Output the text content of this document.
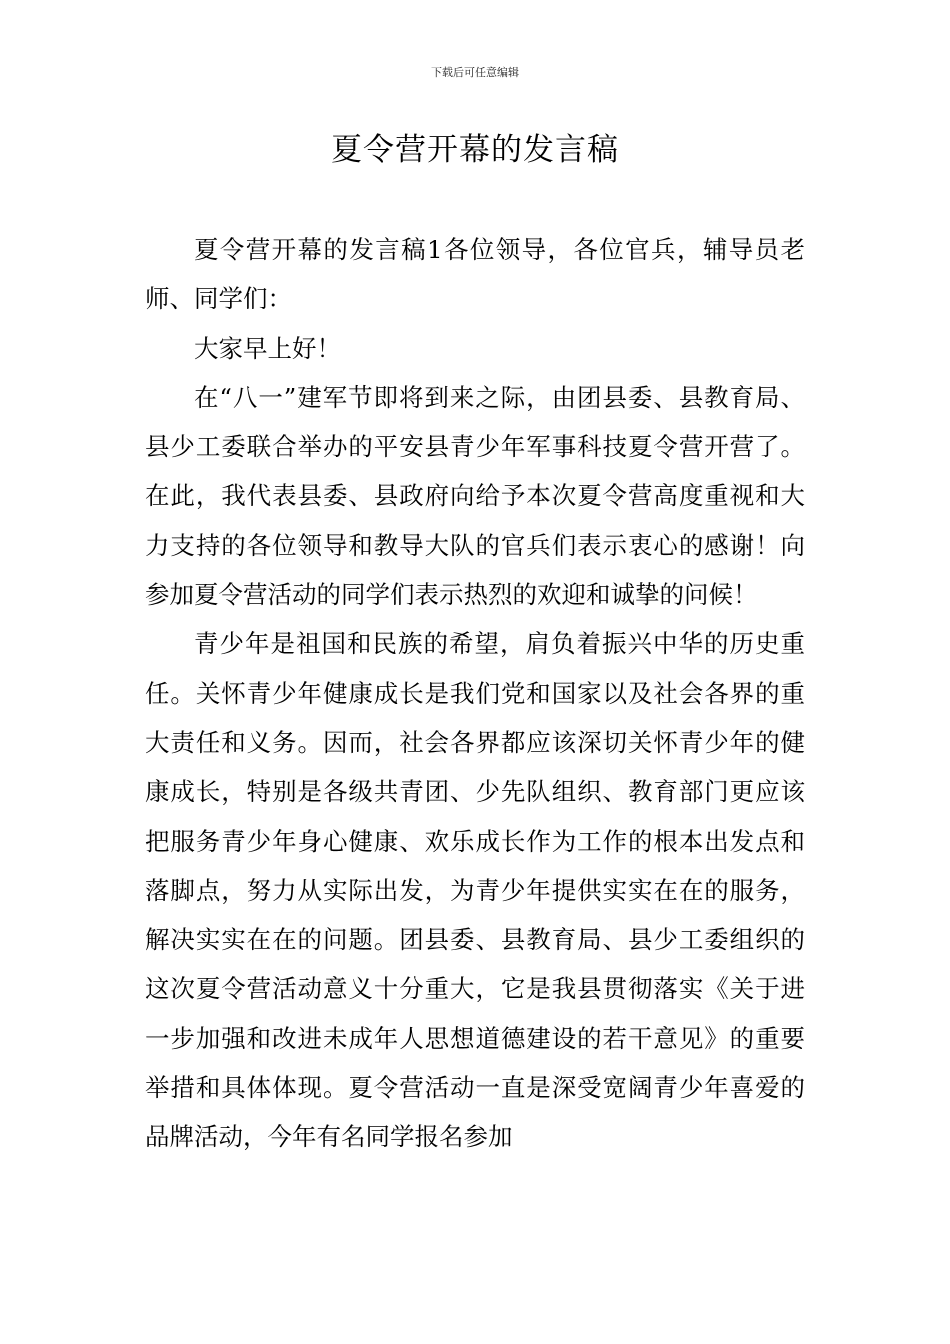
下载后可任意编辑
夏令营开幕的发言稿

夏令营开幕的发言稿1各位领导，各位官兵，辅导员老师、同学们：

大家早上好！

在“八一”建军节即将到来之际，由团县委、县教育局、县少工委联合举办的平安县青少年军事科技夏令营开营了。在此，我代表县委、县政府向给予本次夏令营高度重视和大力支持的各位领导和教导大队的官兵们表示衷心的感谢！向参加夏令营活动的同学们表示热烈的欢迎和诚挚的问候！

青少年是祖国和民族的希望，肩负着振兴中华的历史重任。关怀青少年健康成长是我们党和国家以及社会各界的重大责任和义务。因而，社会各界都应该深切关怀青少年的健康成长，特别是各级共青团、少先队组织、教育部门更应该把服务青少年身心健康、欢乐成长作为工作的根本出发点和落脚点，努力从实际出发，为青少年提供实实在在的服务，解决实实在在的问题。团县委、县教育局、县少工委组织的这次夏令营活动意义十分重大，它是我县贯彻落实《关于进一步加强和改进未成年人思想道德建设的若干意见》的重要举措和具体体现。夏令营活动一直是深受宽阔青少年喜爱的品牌活动，今年有名同学报名参加
